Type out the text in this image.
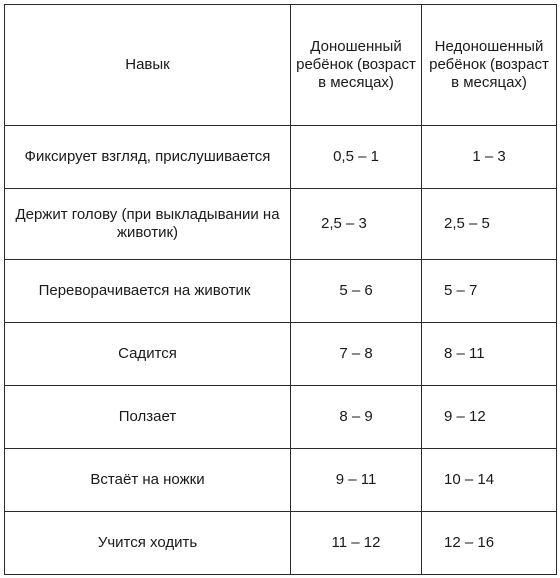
Навык	Доношенный ребёнок (возраст в месяцах)	Недоношенный ребёнок (возраст в месяцах)
Фиксирует взгляд, прислушивается	0,5 – 1	1 – 3
Держит голову (при выкладывании на животик)	2,5 – 3	2,5 – 5
Переворачивается на животик	5 – 6	5 – 7
Садится	7 – 8	8 – 11
Ползает	8 – 9	9 – 12
Встаёт на ножки	9 – 11	10 – 14
Учится ходить	11 – 12	12 – 16
